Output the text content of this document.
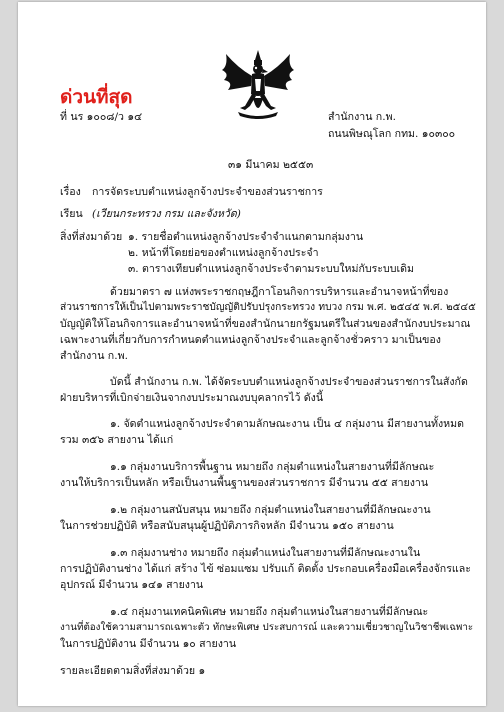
ด่วนที่สุด
ที่ นร ๑๐๐๘/ว ๑๔	สำนักงาน ก.พ.
ถนนพิษณุโลก กทม. ๑๐๓๐๐
๓๑ มีนาคม ๒๕๕๓
เรื่อง การจัดระบบตำแหน่งลูกจ้างประจำของส่วนราชการ
เรียน (เวียนกระทรวง กรม และจังหวัด)
สิ่งที่ส่งมาด้วย ๑. รายชื่อตำแหน่งลูกจ้างประจำจำแนกตามกลุ่มงาน
๒. หน้าที่โดยย่อของตำแหน่งลูกจ้างประจำ
๓. ตารางเทียบตำแหน่งลูกจ้างประจำตามระบบใหม่กับระบบเดิม
ด้วยมาตรา ๗ แห่งพระราชกฤษฎีกาโอนกิจการบริหารและอำนาจหน้าที่ของ
ส่วนราชการให้เป็นไปตามพระราชบัญญัติปรับปรุงกระทรวง ทบวง กรม พ.ศ. ๒๕๔๕ พ.ศ. ๒๕๔๕
บัญญัติให้โอนกิจการและอำนาจหน้าที่ของสำนักนายกรัฐมนตรีในส่วนของสำนักงบประมาณ
เฉพาะงานที่เกี่ยวกับการกำหนดตำแหน่งลูกจ้างประจำและลูกจ้างชั่วคราว มาเป็นของ
สำนักงาน ก.พ.
บัดนี้ สำนักงาน ก.พ. ได้จัดระบบตำแหน่งลูกจ้างประจำของส่วนราชการในสังกัด
ฝ่ายบริหารที่เบิกจ่ายเงินจากงบประมาณงบบุคลากรไว้ ดังนี้
๑. จัดตำแหน่งลูกจ้างประจำตามลักษณะงาน เป็น ๔ กลุ่มงาน มีสายงานทั้งหมด
รวม ๓๕๖ สายงาน ได้แก่
๑.๑ กลุ่มงานบริการพื้นฐาน หมายถึง กลุ่มตำแหน่งในสายงานที่มีลักษณะ
งานให้บริการเป็นหลัก หรือเป็นงานพื้นฐานของส่วนราชการ มีจำนวน ๕๕ สายงาน
๑.๒ กลุ่มงานสนับสนุน หมายถึง กลุ่มตำแหน่งในสายงานที่มีลักษณะงาน
ในการช่วยปฏิบัติ หรือสนับสนุนผู้ปฏิบัติภารกิจหลัก มีจำนวน ๑๕๐ สายงาน
๑.๓ กลุ่มงานช่าง หมายถึง กลุ่มตำแหน่งในสายงานที่มีลักษณะงานใน
การปฏิบัติงานช่าง ได้แก่ สร้าง ไข้ ซ่อมแซม ปรับแก้ ติดตั้ง ประกอบเครื่องมือเครื่องจักรและ
อุปกรณ์ มีจำนวน ๑๔๑ สายงาน
๑.๔ กลุ่มงานเทคนิคพิเศษ หมายถึง กลุ่มตำแหน่งในสายงานที่มีลักษณะ
งานที่ต้องใช้ความสามารถเฉพาะตัว ทักษะพิเศษ ประสบการณ์ และความเชี่ยวชาญในวิชาชีพเฉพาะ
ในการปฏิบัติงาน มีจำนวน ๑๐ สายงาน
รายละเอียดตามสิ่งที่ส่งมาด้วย ๑
